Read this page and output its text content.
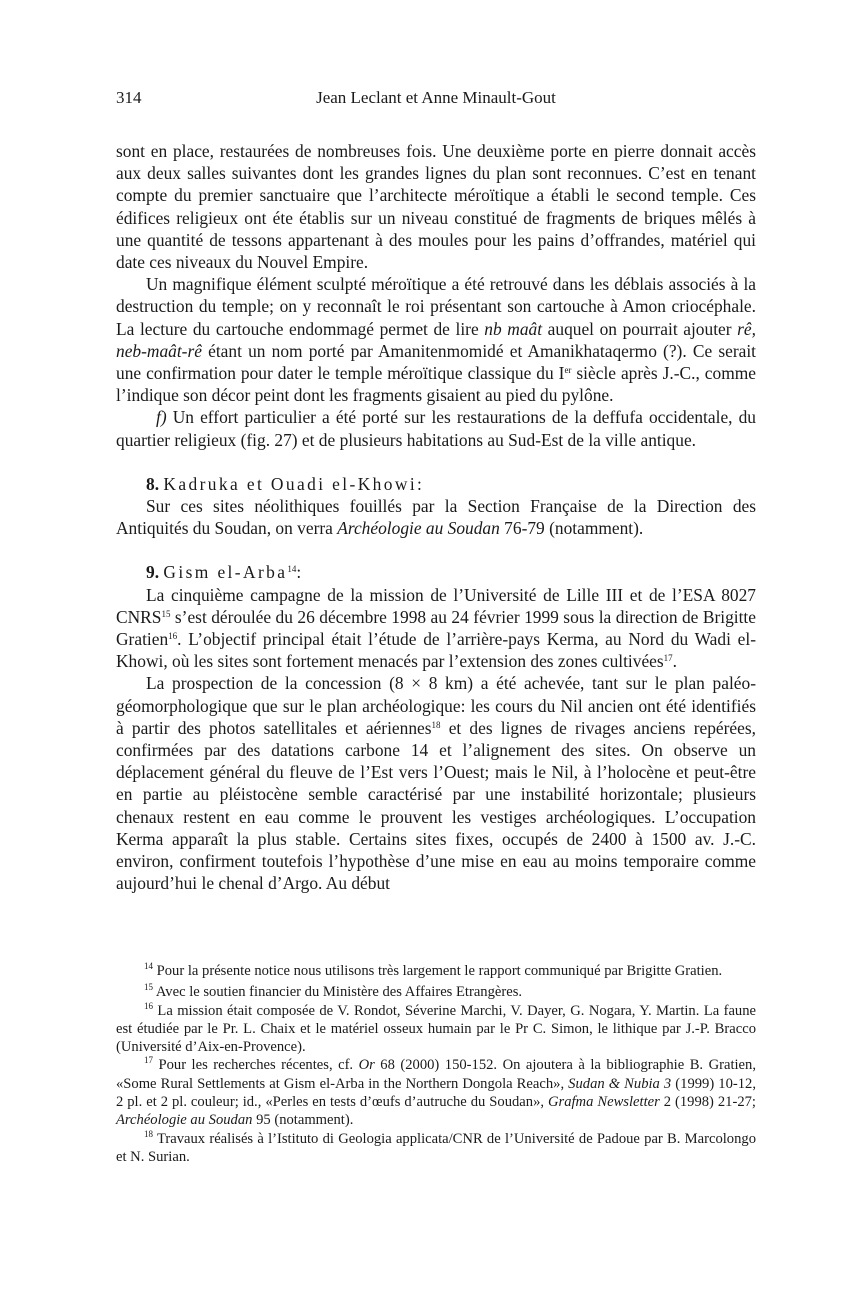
314	Jean Leclant et Anne Minault-Gout

sont en place, restaurées de nombreuses fois. Une deuxième porte en pierre donnait accès aux deux salles suivantes dont les grandes lignes du plan sont reconnues. C’est en tenant compte du premier sanctuaire que l’architecte méroïtique a établi le second temple. Ces édifices religieux ont éte établis sur un niveau constitué de fragments de briques mêlés à une quantité de tessons appartenant à des moules pour les pains d’offrandes, matériel qui date ces niveaux du Nouvel Empire.

Un magnifique élément sculpté méroïtique a été retrouvé dans les déblais associés à la destruction du temple; on y reconnaît le roi présentant son cartouche à Amon criocéphale. La lecture du cartouche endommagé permet de lire nb maât auquel on pourrait ajouter rê, neb-maât-rê étant un nom porté par Amanitenmomidé et Amanikhataqermo (?). Ce serait une confirmation pour dater le temple méroïtique classique du Ier siècle après J.-C., comme l’indique son décor peint dont les fragments gisaient au pied du pylône.

f) Un effort particulier a été porté sur les restaurations de la deffufa occidentale, du quartier religieux (fig. 27) et de plusieurs habitations au Sud-Est de la ville antique.

8. Kadruka et Ouadi el-Khowi:

Sur ces sites néolithiques fouillés par la Section Française de la Direction des Antiquités du Soudan, on verra Archéologie au Soudan 76-79 (notamment).

9. Gism el-Arba$^{14}$:

La cinquième campagne de la mission de l’Université de Lille III et de l’ESA 8027 CNRS$^{15}$ s’est déroulée du 26 décembre 1998 au 24 février 1999 sous la direction de Brigitte Gratien$^{16}$. L’objectif principal était l’étude de l’arrière-pays Kerma, au Nord du Wadi el-Khowi, où les sites sont fortement menacés par l’extension des zones cultivées$^{17}$.

La prospection de la concession (8 × 8 km) a été achevée, tant sur le plan paléo-géomorphologique que sur le plan archéologique: les cours du Nil ancien ont été identifiés à partir des photos satellitales et aériennes$^{18}$ et des lignes de rivages anciens repérées, confirmées par des datations carbone 14 et l’alignement des sites. On observe un déplacement général du fleuve de l’Est vers l’Ouest; mais le Nil, à l’holocène et peut-être en partie au pléistocène semble caractérisé par une instabilité horizontale; plusieurs chenaux restent en eau comme le prouvent les vestiges archéologiques. L’occupation Kerma apparaît la plus stable. Certains sites fixes, occupés de 2400 à 1500 av. J.-C. environ, confirment toutefois l’hypothèse d’une mise en eau au moins temporaire comme aujourd’hui le chenal d’Argo. Au début

$^{14}$ Pour la présente notice nous utilisons très largement le rapport communiqué par Brigitte Gratien.

$^{15}$ Avec le soutien financier du Ministère des Affaires Etrangères.

$^{16}$ La mission était composée de V. Rondot, Séverine Marchi, V. Dayer, G. Nogara, Y. Martin. La faune est étudiée par le Pr. L. Chaix et le matériel osseux humain par le Pr C. Simon, le lithique par J.-P. Bracco (Université d’Aix-en-Provence).

$^{17}$ Pour les recherches récentes, cf. Or 68 (2000) 150-152. On ajoutera à la bibliographie B. Gratien, «Some Rural Settlements at Gism el-Arba in the Northern Dongola Reach», Sudan & Nubia 3 (1999) 10-12, 2 pl. et 2 pl. couleur; id., «Perles en tests d’œufs d’autruche du Soudan», Grafma Newsletter 2 (1998) 21-27; Archéologie au Soudan 95 (notamment).

$^{18}$ Travaux réalisés à l’Istituto di Geologia applicata/CNR de l’Université de Padoue par B. Marcolongo et N. Surian.
